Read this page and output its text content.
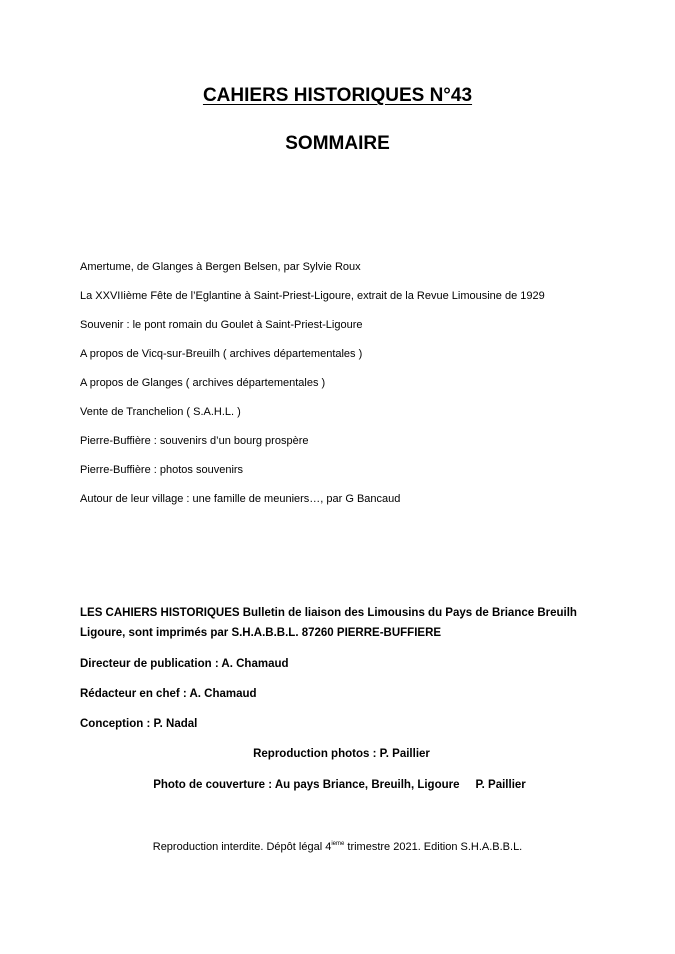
CAHIERS HISTORIQUES N°43
SOMMAIRE
Amertume, de Glanges à Bergen Belsen, par Sylvie Roux
La XXVIIième Fête de l’Eglantine à Saint-Priest-Ligoure, extrait de la Revue Limousine de 1929
Souvenir : le pont romain du Goulet à Saint-Priest-Ligoure
A propos de Vicq-sur-Breuilh ( archives départementales )
A propos de Glanges ( archives départementales )
Vente de Tranchelion ( S.A.H.L. )
Pierre-Buffière : souvenirs d’un bourg prospère
Pierre-Buffière : photos souvenirs
Autour de leur village : une famille de meuniers…, par G Bancaud
LES CAHIERS HISTORIQUES Bulletin de liaison des Limousins du Pays de Briance Breuilh Ligoure, sont imprimés par S.H.A.B.B.L. 87260 PIERRE-BUFFIERE
Directeur de publication : A. Chamaud
Rédacteur en chef : A. Chamaud
Conception : P. Nadal
Reproduction photos : P. Paillier
Photo de couverture : Au pays Briance, Breuilh, Ligoure     P. Paillier
Reproduction interdite. Dépôt légal 4ieme trimestre 2021. Edition S.H.A.B.B.L.
